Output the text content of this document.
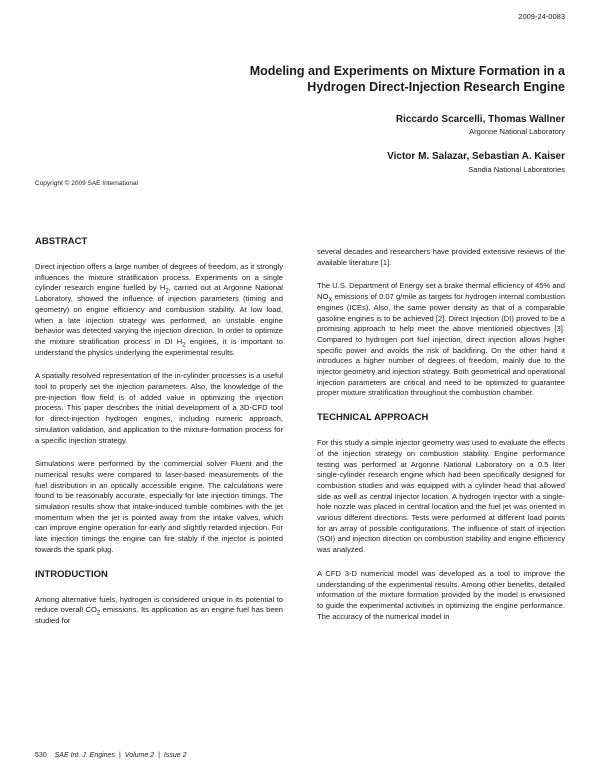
2009-24-0083
Modeling and Experiments on Mixture Formation in a
Hydrogen Direct-Injection Research Engine
Riccardo Scarcelli, Thomas Wallner
Argonne National Laboratory
Victor M. Salazar, Sebastian A. Kaiser
Sandia National Laboratories
Copyright © 2009 SAE International
ABSTRACT

Direct injection offers a large number of degrees of freedom, as it strongly influences the mixture stratification process. Experiments on a single cylinder research engine fuelled by $H_2$, carried out at Argonne National Laboratory, showed the influence of injection parameters (timing and geometry) on engine efficiency and combustion stability. At low load, when a late injection strategy was performed, an unstable engine behavior was detected varying the injection direction. In order to optimize the mixture stratification process in DI $H_2$ engines, it is important to understand the physics underlying the experimental results.

A spatially resolved representation of the in-cylinder processes is a useful tool to properly set the injection parameters. Also, the knowledge of the pre-injection flow field is of added value in optimizing the injection process. This paper describes the initial development of a 3D-CFD tool for direct-injection hydrogen engines, including numeric approach, simulation validation, and application to the mixture-formation process for a specific injection strategy.

Simulations were performed by the commercial solver Fluent and the numerical results were compared to laser-based measurements of the fuel distribution in an optically accessible engine. The calculations were found to be reasonably accurate, especially for late injection timings. The simulation results show that intake-induced tumble combines with the jet momentum when the jet is pointed away from the intake valves, which can improve engine operation for early and slightly retarded injection. For late injection timings the engine can fire stably if the injector is pointed towards the spark plug.

INTRODUCTION

Among alternative fuels, hydrogen is considered unique in its potential to reduce overall $CO_2$ emissions. Its application as an engine fuel has been studied for

several decades and researchers have provided extensive reviews of the available literature [1].

The U.S. Department of Energy set a brake thermal efficiency of 45% and $NO_X$ emissions of 0.07 g/mile as targets for hydrogen internal combustion engines (ICEs). Also, the same power density as that of a comparable gasoline engines is to be achieved [2]. Direct Injection (DI) proved to be a promising approach to help meet the above mentioned objectives [3]. Compared to hydrogen port fuel injection, direct injection allows higher specific power and avoids the risk of backfiring. On the other hand it introduces a higher number of degrees of freedom, mainly due to the injector geometry and injection strategy. Both geometrical and operational injection parameters are critical and need to be optimized to guarantee proper mixture stratification throughout the combustion chamber.

TECHNICAL APPROACH

For this study a simple injector geometry was used to evaluate the effects of the injection strategy on combustion stability. Engine performance testing was performed at Argonne National Laboratory on a 0.5 liter single-cylinder research engine which had been specifically designed for combustion studies and was equipped with a cylinder head that allowed side as well as central injector location. A hydrogen injector with a single-hole nozzle was placed in central location and the fuel jet was oriented in various different directions. Tests were performed at different load points for an array of possible configurations. The influence of start of injection (SOI) and injection direction on combustion stability and engine efficiency was analyzed.

A CFD 3-D numerical model was developed as a tool to improve the understanding of the experimental results. Among other benefits, detailed information of the mixture formation provided by the model is envisioned to guide the experimental activities in optimizing the engine performance. The accuracy of the numerical model in

530 SAE Int. J. Engines | Volume 2 | Issue 2
